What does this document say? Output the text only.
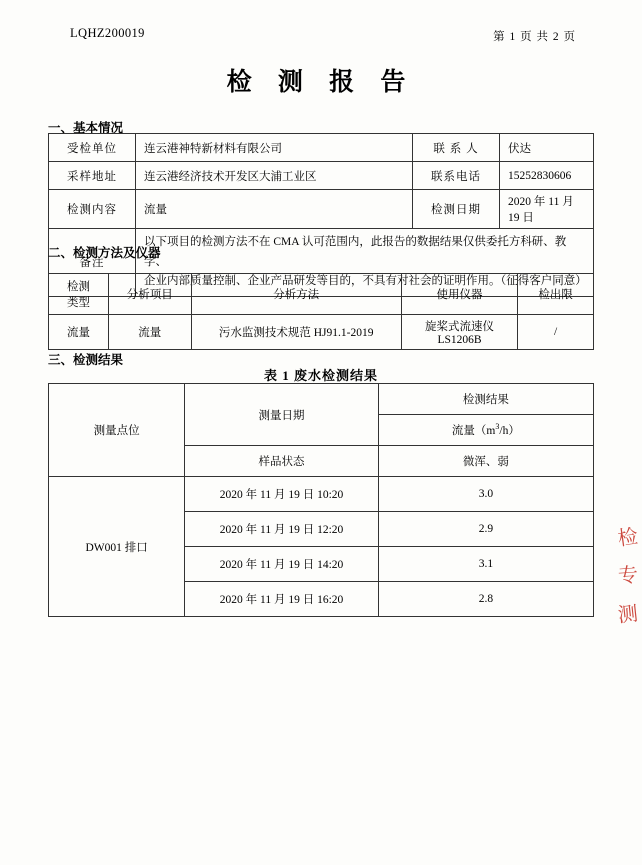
LQHZ200019	第 1 页 共 2 页
检 测 报 告
一、基本情况
受检单位	连云港神特新材料有限公司	联 系 人	伏达
采样地址	连云港经济技术开发区大浦工业区	联系电话	15252830606
检测内容	流量	检测日期	2020 年 11 月 19 日
备注	以下项目的检测方法不在 CMA 认可范围内，此报告的数据结果仅供委托方科研、教学、
企业内部质量控制、企业产品研发等目的，不具有对社会的证明作用。（征得客户同意）		
二、检测方法及仪器
检测
类型	分析项目	分析方法	使用仪器	检出限
流量	流量	污水监测技术规范 HJ91.1-2019	旋桨式流速仪
LS1206B	/
三、检测结果
表 1 废水检测结果
测量点位	测量日期	检测结果
		流量$(m^3/h)$
	样品状态	微浑、弱
DW001 排口	2020 年 11 月 19 日 10:20	3.0
	2020 年 11 月 19 日 12:20	2.9
	2020 年 11 月 19 日 14:20	3.1
	2020 年 11 月 19 日 16:20	2.8
检
专
测
